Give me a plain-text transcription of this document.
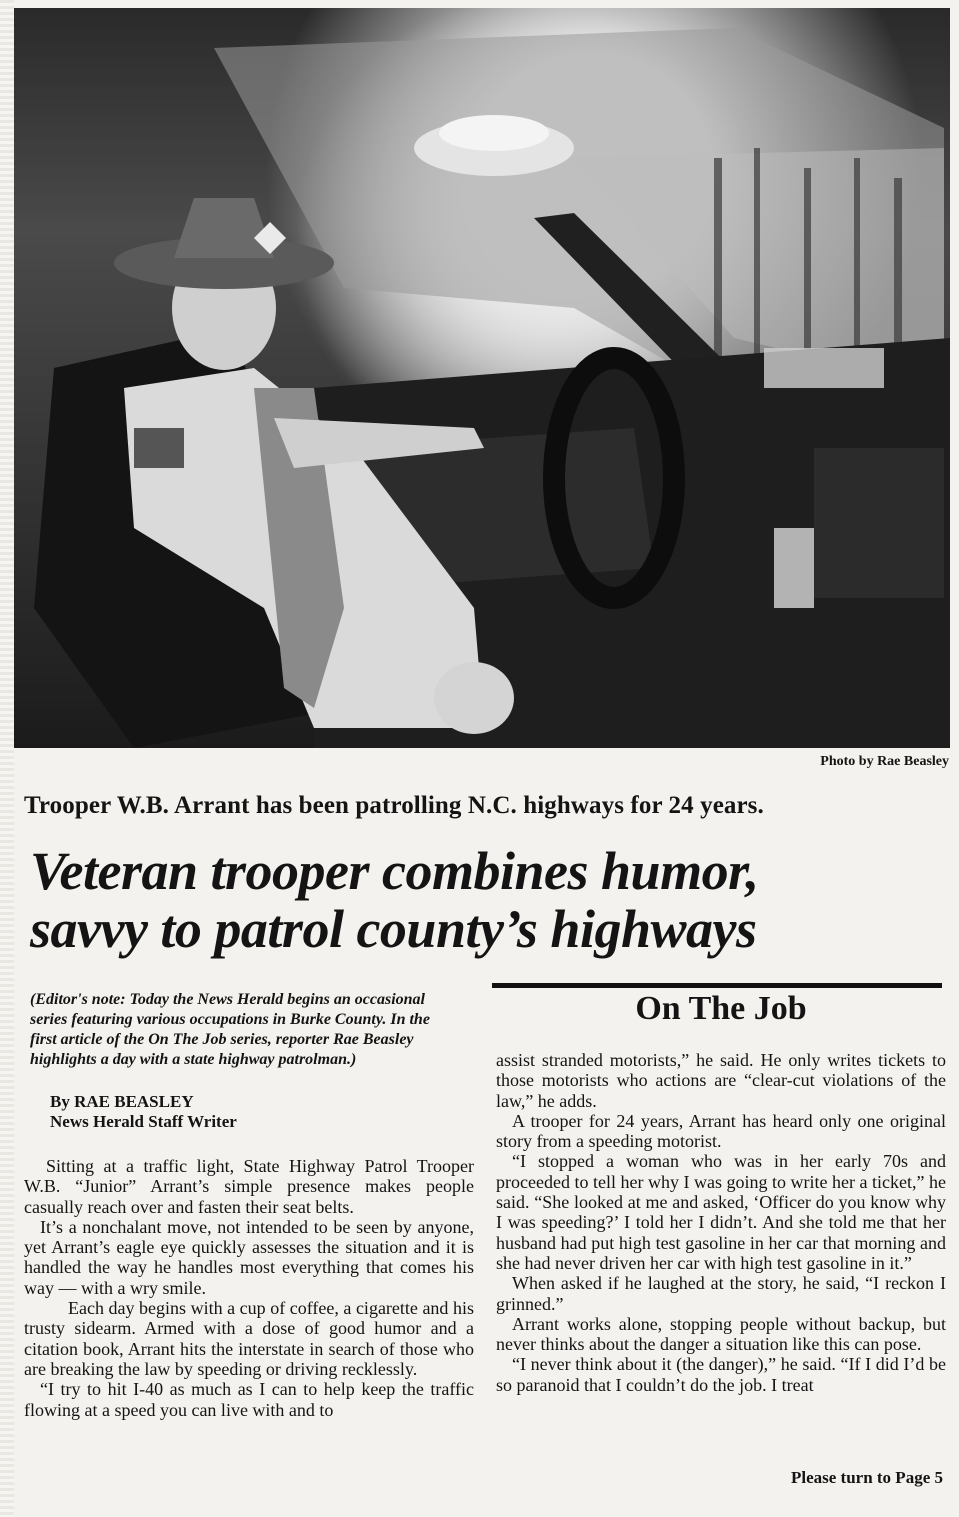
Photo by Rae Beasley
Trooper W.B. Arrant has been patrolling N.C. highways for 24 years.
Veteran trooper combines humor,
savvy to patrol county’s highways
On The Job
(Editor's note: Today the News Herald begins an occasional series featuring various occupations in Burke County. In the first article of the On The Job series, reporter Rae Beasley highlights a day with a state highway patrolman.)
By RAE BEASLEY
News Herald Staff Writer

Sitting at a traffic light, State Highway Patrol Trooper W.B. “Junior” Arrant’s simple presence makes people casually reach over and fasten their seat belts.

It’s a nonchalant move, not intended to be seen by anyone, yet Arrant’s eagle eye quickly assesses the situation and it is handled the way he handles most everything that comes his way — with a wry smile.

Each day begins with a cup of coffee, a cigarette and his trusty sidearm. Armed with a dose of good humor and a citation book, Arrant hits the interstate in search of those who are breaking the law by speeding or driving recklessly.

“I try to hit I-40 as much as I can to help keep the traffic flowing at a speed you can live with and to

assist stranded motorists,” he said. He only writes tickets to those motorists who actions are “clear-cut violations of the law,” he adds.

A trooper for 24 years, Arrant has heard only one original story from a speeding motorist.

“I stopped a woman who was in her early 70s and proceeded to tell her why I was going to write her a ticket,” he said. “She looked at me and asked, ‘Officer do you know why I was speeding?’ I told her I didn’t. And she told me that her husband had put high test gasoline in her car that morning and she had never driven her car with high test gasoline in it.”

When asked if he laughed at the story, he said, “I reckon I grinned.”

Arrant works alone, stopping people without backup, but never thinks about the danger a situation like this can pose.

“I never think about it (the danger),” he said. “If I did I’d be so paranoid that I couldn’t do the job. I treat

Please turn to Page 5
